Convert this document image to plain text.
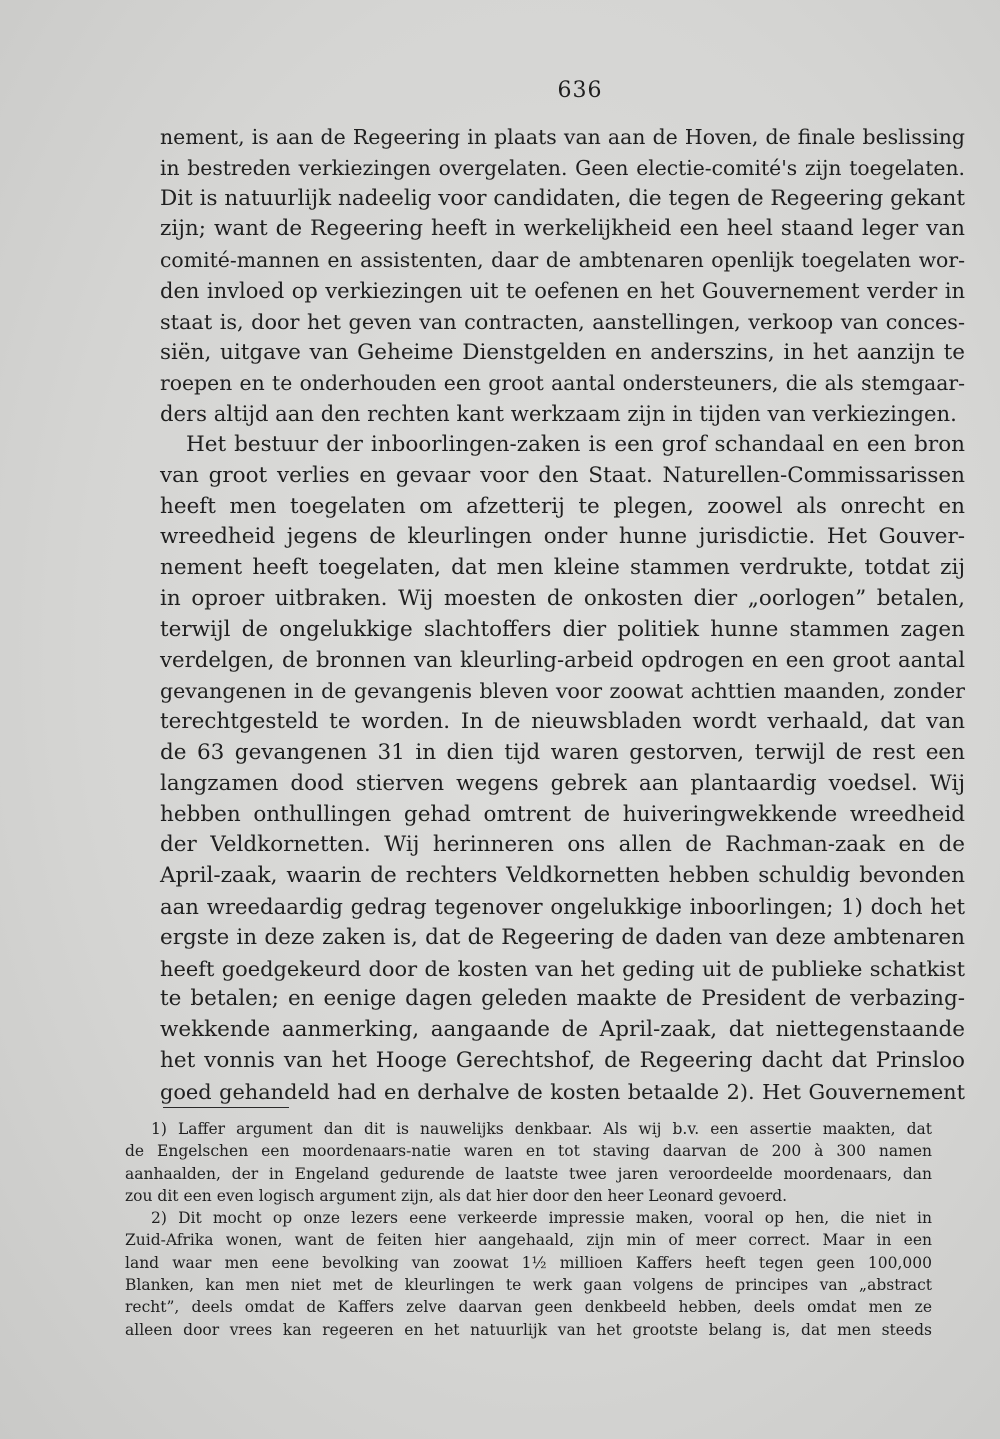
636
nement, is aan de Regeering in plaats van aan de Hoven, de finale beslissing
in bestreden verkiezingen overgelaten. Geen electie-comité's zijn toegelaten.
Dit is natuurlijk nadeelig voor candidaten, die tegen de Regeering gekant
zijn; want de Regeering heeft in werkelijkheid een heel staand leger van
comité-mannen en assistenten, daar de ambtenaren openlijk toegelaten wor-
den invloed op verkiezingen uit te oefenen en het Gouvernement verder in
staat is, door het geven van contracten, aanstellingen, verkoop van conces-
siën, uitgave van Geheime Dienstgelden en anderszins, in het aanzijn te
roepen en te onderhouden een groot aantal ondersteuners, die als stemgaar-
ders altijd aan den rechten kant werkzaam zijn in tijden van verkiezingen.
Het bestuur der inboorlingen-zaken is een grof schandaal en een bron
van groot verlies en gevaar voor den Staat. Naturellen-Commissarissen
heeft men toegelaten om afzetterij te plegen, zoowel als onrecht en
wreedheid jegens de kleurlingen onder hunne jurisdictie. Het Gouver-
nement heeft toegelaten, dat men kleine stammen verdrukte, totdat zij
in oproer uitbraken. Wij moesten de onkosten dier „oorlogen” betalen,
terwijl de ongelukkige slachtoffers dier politiek hunne stammen zagen
verdelgen, de bronnen van kleurling-arbeid opdrogen en een groot aantal
gevangenen in de gevangenis bleven voor zoowat achttien maanden, zonder
terechtgesteld te worden. In de nieuwsbladen wordt verhaald, dat van
de 63 gevangenen 31 in dien tijd waren gestorven, terwijl de rest een
langzamen dood stierven wegens gebrek aan plantaardig voedsel. Wij
hebben onthullingen gehad omtrent de huiveringwekkende wreedheid
der Veldkornetten. Wij herinneren ons allen de Rachman-zaak en de
April-zaak, waarin de rechters Veldkornetten hebben schuldig bevonden
aan wreedaardig gedrag tegenover ongelukkige inboorlingen; 1) doch het
ergste in deze zaken is, dat de Regeering de daden van deze ambtenaren
heeft goedgekeurd door de kosten van het geding uit de publieke schatkist
te betalen; en eenige dagen geleden maakte de President de verbazing-
wekkende aanmerking, aangaande de April-zaak, dat niettegenstaande
het vonnis van het Hooge Gerechtshof, de Regeering dacht dat Prinsloo
goed gehandeld had en derhalve de kosten betaalde 2). Het Gouvernement
1) Laffer argument dan dit is nauwelijks denkbaar. Als wij b.v. een assertie maakten, dat
de Engelschen een moordenaars-natie waren en tot staving daarvan de 200 à 300 namen
aanhaalden, der in Engeland gedurende de laatste twee jaren veroordeelde moordenaars, dan
zou dit een even logisch argument zijn, als dat hier door den heer Leonard gevoerd.
2) Dit mocht op onze lezers eene verkeerde impressie maken, vooral op hen, die niet in
Zuid-Afrika wonen, want de feiten hier aangehaald, zijn min of meer correct. Maar in een
land waar men eene bevolking van zoowat 1½ millioen Kaffers heeft tegen geen 100,000
Blanken, kan men niet met de kleurlingen te werk gaan volgens de principes van „abstract
recht”, deels omdat de Kaffers zelve daarvan geen denkbeeld hebben, deels omdat men ze
alleen door vrees kan regeeren en het natuurlijk van het grootste belang is, dat men steeds
